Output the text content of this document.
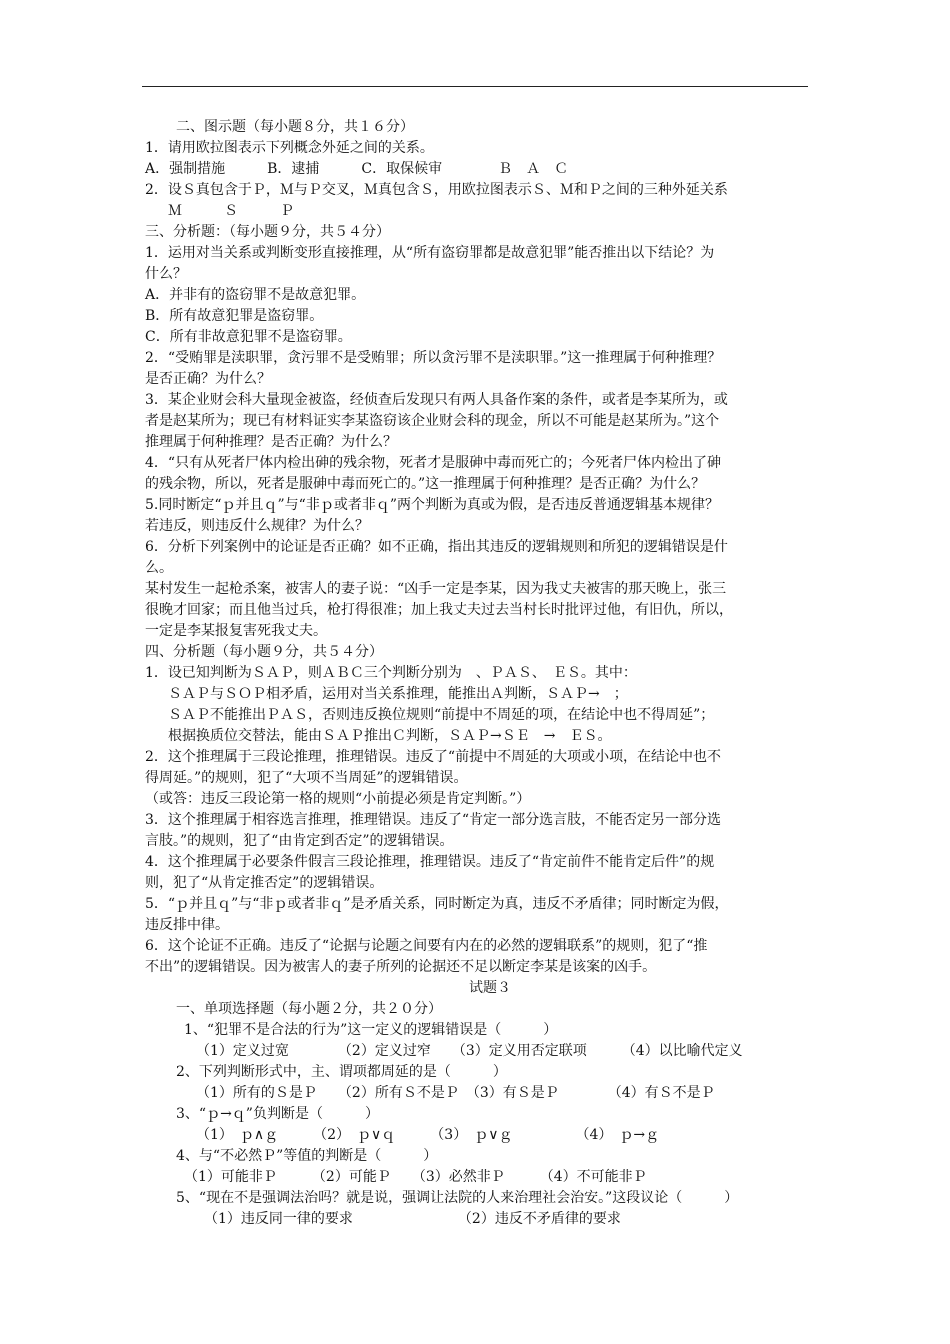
二、图示题（每小题８分，共１６分）
1．请用欧拉图表示下列概念外延之间的关系。
A．强制措施　　　B．逮捕　　　C．取保候审　　　　Ｂ　Ａ　Ｃ
2．设Ｓ真包含于Ｐ，Ｍ与Ｐ交叉，Ｍ真包含Ｓ，用欧拉图表示Ｓ、Ｍ和Ｐ之间的三种外延关系
Ｍ　　　Ｓ　　　Ｐ
三、分析题：（每小题９分，共５４分）
1．运用对当关系或判断变形直接推理，从“所有盗窃罪都是故意犯罪”能否推出以下结论？为
什么？
A．并非有的盗窃罪不是故意犯罪。
B．所有故意犯罪是盗窃罪。
C．所有非故意犯罪不是盗窃罪。
2．“受贿罪是渎职罪，贪污罪不是受贿罪；所以贪污罪不是渎职罪。”这一推理属于何种推理？
是否正确？为什么？
3．某企业财会科大量现金被盗，经侦查后发现只有两人具备作案的条件，或者是李某所为，或
者是赵某所为；现已有材料证实李某盗窃该企业财会科的现金，所以不可能是赵某所为。”这个
推理属于何种推理？是否正确？为什么？
4．“只有从死者尸体内检出砷的残余物，死者才是服砷中毒而死亡的；今死者尸体内检出了砷
的残余物，所以，死者是服砷中毒而死亡的。”这一推理属于何种推理？是否正确？为什么？
5.同时断定“ｐ并且ｑ”与“非ｐ或者非ｑ”两个判断为真或为假，是否违反普通逻辑基本规律？
若违反，则违反什么规律？为什么？
6．分析下列案例中的论证是否正确？如不正确，指出其违反的逻辑规则和所犯的逻辑错误是什
么。
某村发生一起枪杀案，被害人的妻子说：“凶手一定是李某，因为我丈夫被害的那天晚上，张三
很晚才回家；而且他当过兵，枪打得很准；加上我丈夫过去当村长时批评过他，有旧仇，所以，
一定是李某报复害死我丈夫。
四、分析题（每小题９分，共５４分）
1．设已知判断为ＳＡＰ，则ＡＢＣ三个判断分别为　、ＰＡＳ、　ＥＳ。其中：
ＳＡＰ与ＳＯＰ相矛盾，运用对当关系推理，能推出Ａ判断，ＳＡＰ→　；
ＳＡＰ不能推出ＰＡＳ，否则违反换位规则“前提中不周延的项，在结论中也不得周延”；
根据换质位交替法，能由ＳＡＰ推出Ｃ判断，ＳＡＰ→ＳＥ　→　ＥＳ。
2．这个推理属于三段论推理，推理错误。违反了“前提中不周延的大项或小项，在结论中也不
得周延。”的规则，犯了“大项不当周延”的逻辑错误。
（或答：违反三段论第一格的规则“小前提必须是肯定判断。”）
3．这个推理属于相容选言推理，推理错误。违反了“肯定一部分选言肢，不能否定另一部分选
言肢。”的规则，犯了“由肯定到否定”的逻辑错误。
4．这个推理属于必要条件假言三段论推理，推理错误。违反了“肯定前件不能肯定后件”的规
则，犯了“从肯定推否定”的逻辑错误。
5．“ｐ并且ｑ”与“非ｐ或者非ｑ”是矛盾关系，同时断定为真，违反不矛盾律；同时断定为假，
违反排中律。
6．这个论证不正确。违反了“论据与论题之间要有内在的必然的逻辑联系”的规则，犯了“推
不出”的逻辑错误。因为被害人的妻子所列的论据还不足以断定李某是该案的凶手。
试题３
一、单项选择题（每小题２分，共２０分）
1、“犯罪不是合法的行为”这一定义的逻辑错误是（　　　）
（1）定义过宽　　　　（2）定义过窄　　（3）定义用否定联项　　　（4）以比喻代定义
2、下列判断形式中，主、谓项都周延的是（　　　）
（1）所有的Ｓ是Ｐ　　（2）所有Ｓ不是Ｐ　（3）有Ｓ是Ｐ　　　　（4）有Ｓ不是Ｐ
3、“ｐ→ｑ”负判断是（　　　）
（1）　ｐ∧ｇ　　　（2）　ｐ∨ｑ　　　（3）　ｐ∨ｇ　　　　　（4）　ｐ→ｇ
4、与“不必然Ｐ”等值的判断是（　　　）
（1）可能非Ｐ　　　（2）可能Ｐ　　（3）必然非Ｐ　　　（4）不可能非Ｐ
5、“现在不是强调法治吗？就是说，强调让法院的人来治理社会治安。”这段议论（　　　）
（1）违反同一律的要求　　　　　　　　（2）违反不矛盾律的要求
